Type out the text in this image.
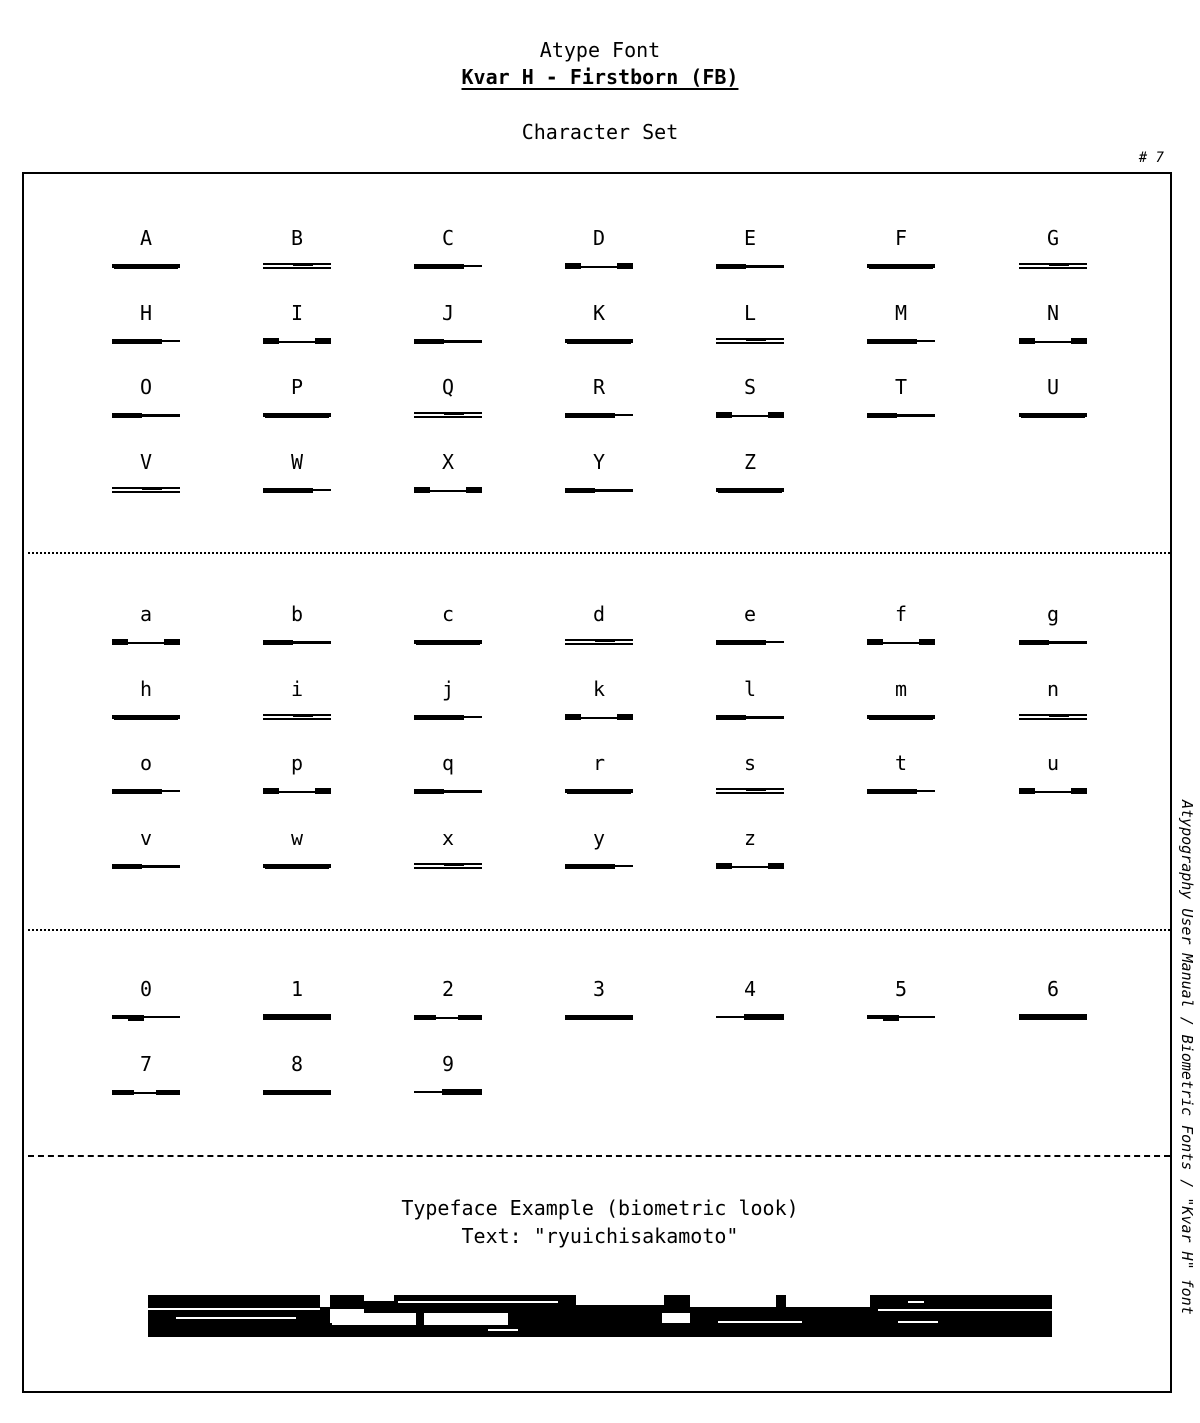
Atype Font
Kvar H - Firstborn (FB)
Character Set
# 7
A	B	C	D	E	F	G
H	I	J	K	L	M	N
O	P	Q	R	S	T	U
V	W	X	Y	Z
a	b	c	d	e	f	g
h	i	j	k	l	m	n
o	p	q	r	s	t	u
v	w	x	y	z
0	1	2	3	4	5	6
7	8	9
Typeface Example (biometric look)
Text: "ryuichisakamoto"	Atypography User Manual / Biometric Fonts / "Kvar H" font
